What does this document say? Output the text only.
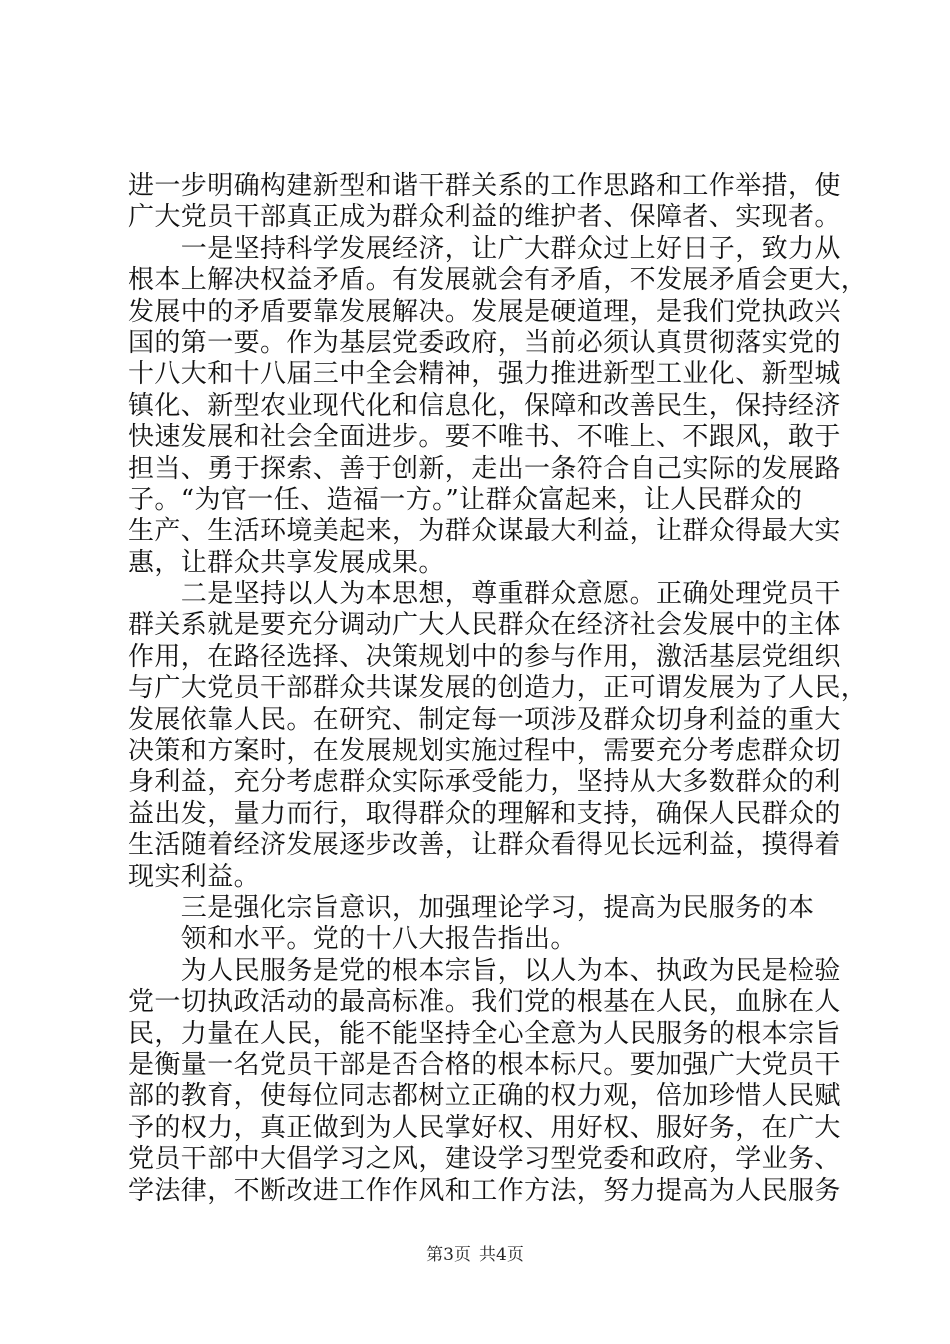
进一步明确构建新型和谐干群关系的工作思路和工作举措，使
广大党员干部真正成为群众利益的维护者、保障者、实现者。
　　一是坚持科学发展经济，让广大群众过上好日子，致力从
根本上解决权益矛盾。有发展就会有矛盾，不发展矛盾会更大，
发展中的矛盾要靠发展解决。发展是硬道理，是我们党执政兴
国的第一要。作为基层党委政府，当前必须认真贯彻落实党的
十八大和十八届三中全会精神，强力推进新型工业化、新型城
镇化、新型农业现代化和信息化，保障和改善民生，保持经济
快速发展和社会全面进步。要不唯书、不唯上、不跟风，敢于
担当、勇于探索、善于创新，走出一条符合自己实际的发展路
子。“为官一任、造福一方。”让群众富起来，让人民群众的
生产、生活环境美起来，为群众谋最大利益，让群众得最大实
惠，让群众共享发展成果。
　　二是坚持以人为本思想，尊重群众意愿。正确处理党员干
群关系就是要充分调动广大人民群众在经济社会发展中的主体
作用，在路径选择、决策规划中的参与作用，激活基层党组织
与广大党员干部群众共谋发展的创造力，正可谓发展为了人民，
发展依靠人民。在研究、制定每一项涉及群众切身利益的重大
决策和方案时，在发展规划实施过程中，需要充分考虑群众切
身利益，充分考虑群众实际承受能力，坚持从大多数群众的利
益出发，量力而行，取得群众的理解和支持，确保人民群众的
生活随着经济发展逐步改善，让群众看得见长远利益，摸得着
现实利益。
　　三是强化宗旨意识，加强理论学习，提高为民服务的本
　　领和水平。党的十八大报告指出。
　　为人民服务是党的根本宗旨，以人为本、执政为民是检验
党一切执政活动的最高标准。我们党的根基在人民，血脉在人
民，力量在人民，能不能坚持全心全意为人民服务的根本宗旨
是衡量一名党员干部是否合格的根本标尺。要加强广大党员干
部的教育，使每位同志都树立正确的权力观，倍加珍惜人民赋
予的权力，真正做到为人民掌好权、用好权、服好务，在广大
党员干部中大倡学习之风，建设学习型党委和政府，学业务、
学法律，不断改进工作作风和工作方法，努力提高为人民服务
第3页 共4页
